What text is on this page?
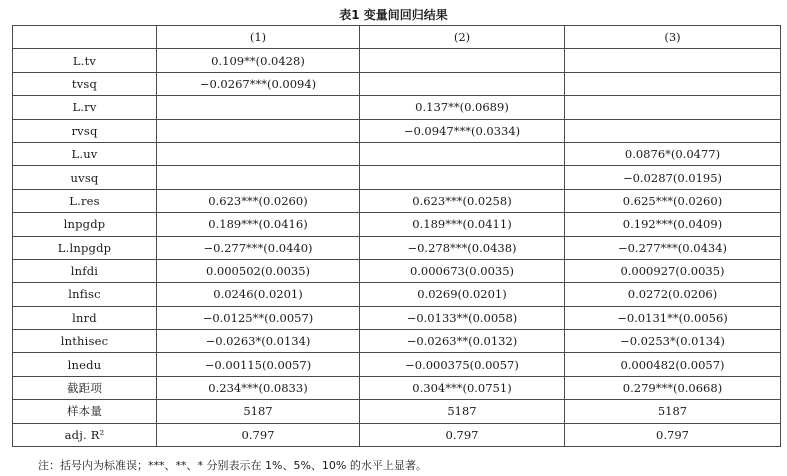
表1 变量间回归结果
	(1)	(2)	(3)
L.tv	0.109**(0.0428)		
tvsq	−0.0267***(0.0094)		
L.rv		0.137**(0.0689)	
rvsq		−0.0947***(0.0334)	
L.uv			0.0876*(0.0477)
uvsq			−0.0287(0.0195)
L.res	0.623***(0.0260)	0.623***(0.0258)	0.625***(0.0260)
lnpgdp	0.189***(0.0416)	0.189***(0.0411)	0.192***(0.0409)
L.lnpgdp	−0.277***(0.0440)	−0.278***(0.0438)	−0.277***(0.0434)
lnfdi	0.000502(0.0035)	0.000673(0.0035)	0.000927(0.0035)
lnfisc	0.0246(0.0201)	0.0269(0.0201)	0.0272(0.0206)
lnrd	−0.0125**(0.0057)	−0.0133**(0.0058)	−0.0131**(0.0056)
lnthisec	−0.0263*(0.0134)	−0.0263**(0.0132)	−0.0253*(0.0134)
lnedu	−0.00115(0.0057)	−0.000375(0.0057)	0.000482(0.0057)
截距项	0.234***(0.0833)	0.304***(0.0751)	0.279***(0.0668)
样本量	5187	5187	5187
adj. R²	0.797	0.797	0.797
注：括号内为标准误；***、**、* 分别表示在 1%、5%、10% 的水平上显著。
